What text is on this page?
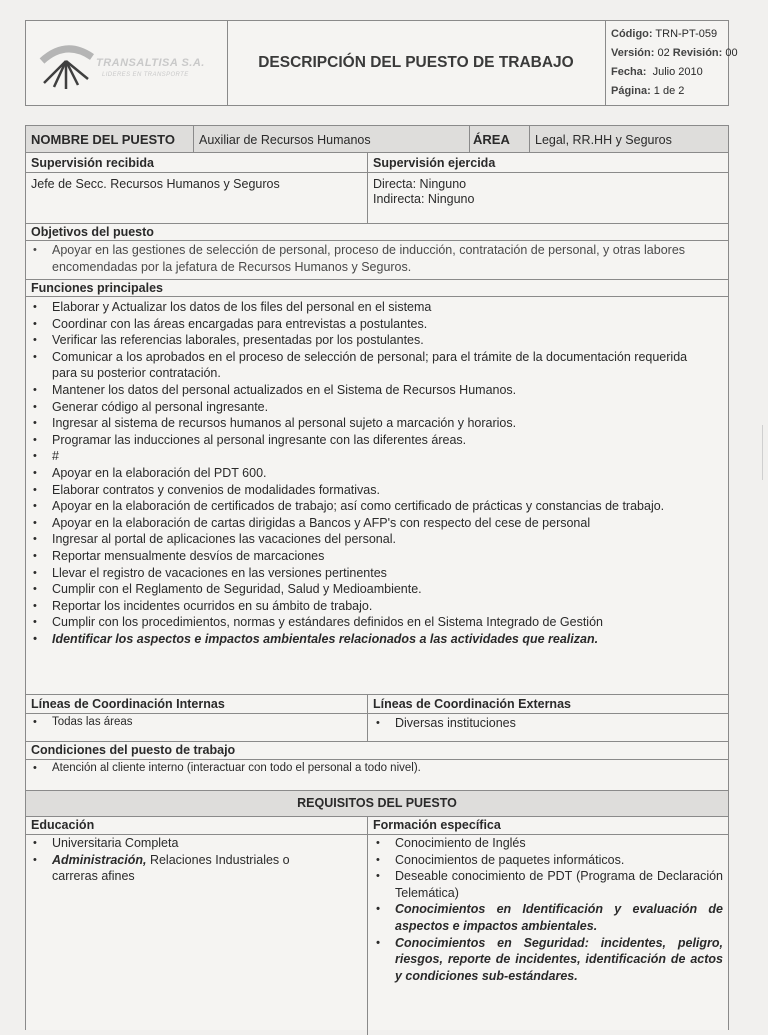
TRANSALTISA S.A.
LIDERES EN TRANSPORTE
DESCRIPCIÓN DEL PUESTO DE TRABAJO
Código: TRN-PT-059
Versión: 02 Revisión: 00
Fecha: Julio 2010
Página: 1 de 2
NOMBRE DEL PUESTO Auxiliar de Recursos Humanos	ÁREA Legal, RR.HH y Seguros
Supervisión recibida	Supervisión ejercida
Jefe de Secc. Recursos Humanos y Seguros	Directa: Ninguno
Indirecta: Ninguno
Objetivos del puesto
• Apoyar en las gestiones de selección de personal, proceso de inducción, contratación de personal, y otras labores encomendadas por la jefatura de Recursos Humanos y Seguros.
Funciones principales
• Elaborar y Actualizar los datos de los files del personal en el sistema
• Coordinar con las áreas encargadas para entrevistas a postulantes.
• Verificar las referencias laborales, presentadas por los postulantes.
• Comunicar a los aprobados en el proceso de selección de personal; para el trámite de la documentación requerida para su posterior contratación.
• Mantener los datos del personal actualizados en el Sistema de Recursos Humanos.
• Generar código al personal ingresante.
• Ingresar al sistema de recursos humanos al personal sujeto a marcación y horarios.
• Programar las inducciones al personal ingresante con las diferentes áreas.
• #
• Apoyar en la elaboración del PDT 600.
• Elaborar contratos y convenios de modalidades formativas.
• Apoyar en la elaboración de certificados de trabajo; así como certificado de prácticas y constancias de trabajo.
• Apoyar en la elaboración de cartas dirigidas a Bancos y AFP's con respecto del cese de personal
• Ingresar al portal de aplicaciones las vacaciones del personal.
• Reportar mensualmente desvíos de marcaciones
• Llevar el registro de vacaciones en las versiones pertinentes
• Cumplir con el Reglamento de Seguridad, Salud y Medioambiente.
• Reportar los incidentes ocurridos en su ámbito de trabajo.
• Cumplir con los procedimientos, normas y estándares definidos en el Sistema Integrado de Gestión
• Identificar los aspectos e impactos ambientales relacionados a las actividades que realizan.
Líneas de Coordinación Internas	Líneas de Coordinación Externas
• Todas las áreas
•	Diversas instituciones
Condiciones del puesto de trabajo
• Atención al cliente interno (interactuar con todo el personal a todo nivel).
REQUISITOS DEL PUESTO
Educación	Formación específica
• Universitaria Completa
• Administración, Relaciones Industriales o carreras afines
• Conocimiento de Inglés
• Conocimientos de paquetes informáticos.
• Deseable conocimiento de PDT (Programa de Declaración Telemática)
• Conocimientos en Identificación y evaluación de aspectos e impactos ambientales.
• Conocimientos en Seguridad: incidentes, peligro, riesgos, reporte de incidentes, identificación de actos y condiciones sub-estándares.
